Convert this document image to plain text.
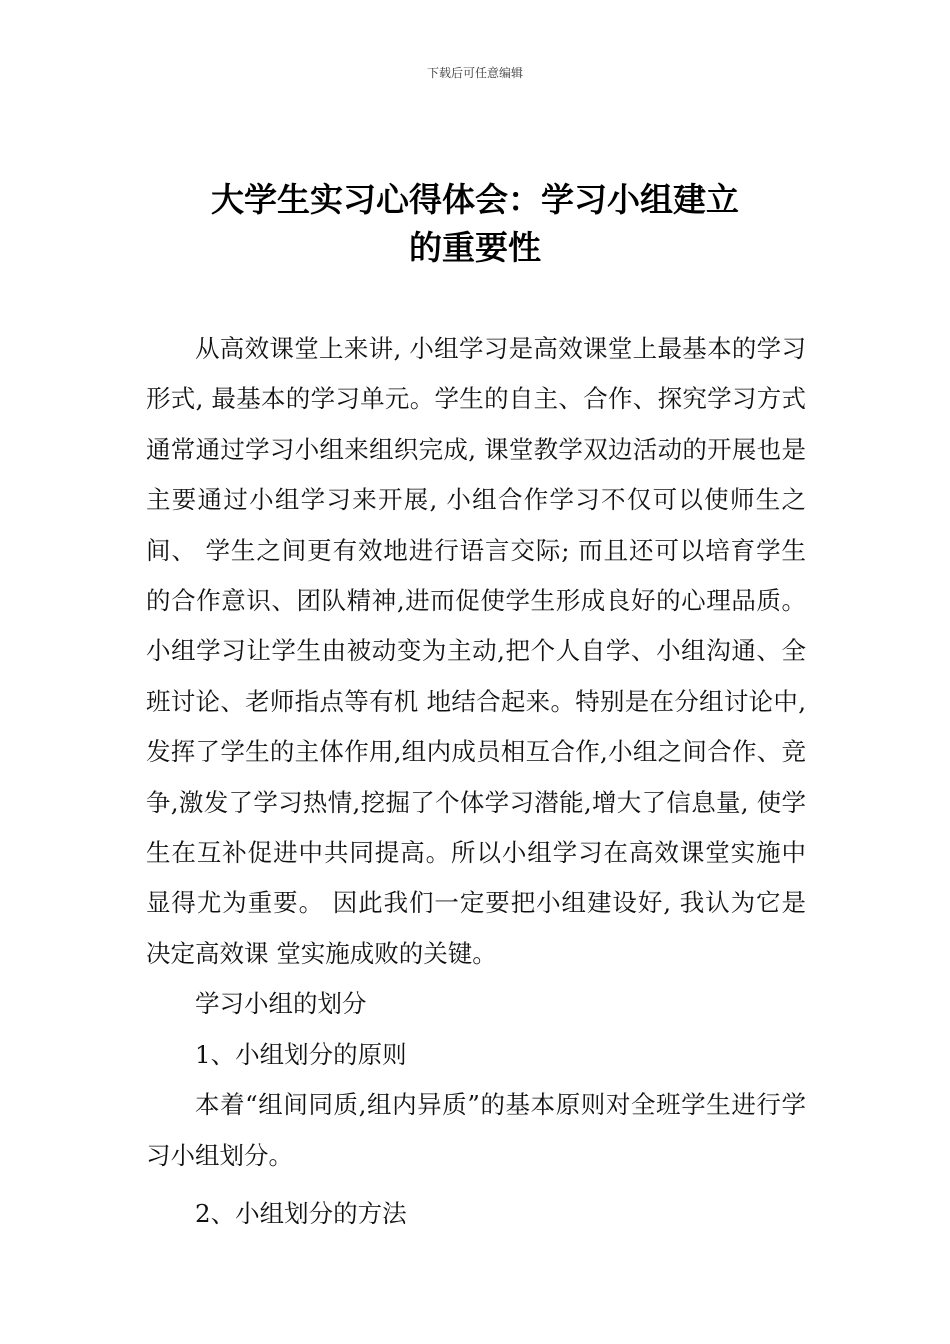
下载后可任意编辑
大学生实习心得体会：学习小组建立
的重要性

从高效课堂上来讲, 小组学习是高效课堂上最基本的学习形式, 最基本的学习单元。学生的自主、合作、探究学习方式通常通过学习小组来组织完成, 课堂教学双边活动的开展也是主要通过小组学习来开展, 小组合作学习不仅可以使师生之间、 学生之间更有效地进行语言交际; 而且还可以培育学生 的合作意识、团队精神,进而促使学生形成良好的心理品质。小组学习让学生由被动变为主动,把个人自学、小组沟通、全班讨论、老师指点等有机 地结合起来。特别是在分组讨论中,发挥了学生的主体作用,组内成员相互合作,小组之间合作、竞争,激发了学习热情,挖掘了个体学习潜能,增大了信息量, 使学生在互补促进中共同提高。所以小组学习在高效课堂实施中显得尤为重要。 因此我们一定要把小组建设好, 我认为它是决定高效课 堂实施成败的关键。

学习小组的划分

1、小组划分的原则

本着“组间同质,组内异质”的基本原则对全班学生进行学习小组划分。

2、小组划分的方法
